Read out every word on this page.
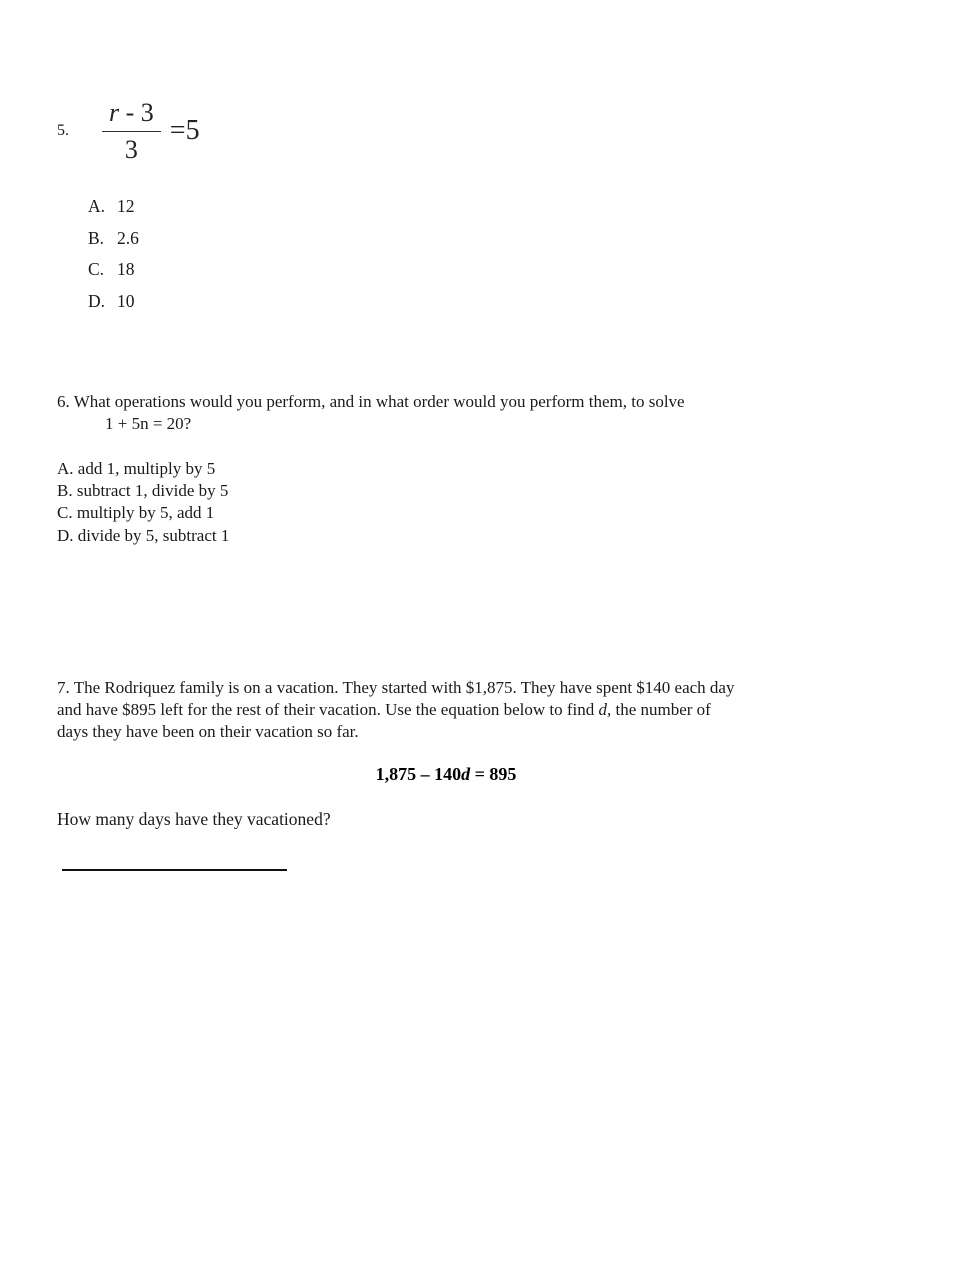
5. $\frac{r - 3}{3} =5$
A. 12
B. 2.6
C. 18
D. 10
6. What operations would you perform, and in what order would you perform them, to solve
1 + 5n = 20?
A. add 1, multiply by 5
B. subtract 1, divide by 5
C. multiply by 5, add 1
D. divide by 5, subtract 1
7. The Rodriquez family is on a vacation. They started with $1,875. They have spent $140 each day
and have $895 left for the rest of their vacation. Use the equation below to find d, the number of
days they have been on their vacation so far.
1,875 – 140d = 895
How many days have they vacationed?
